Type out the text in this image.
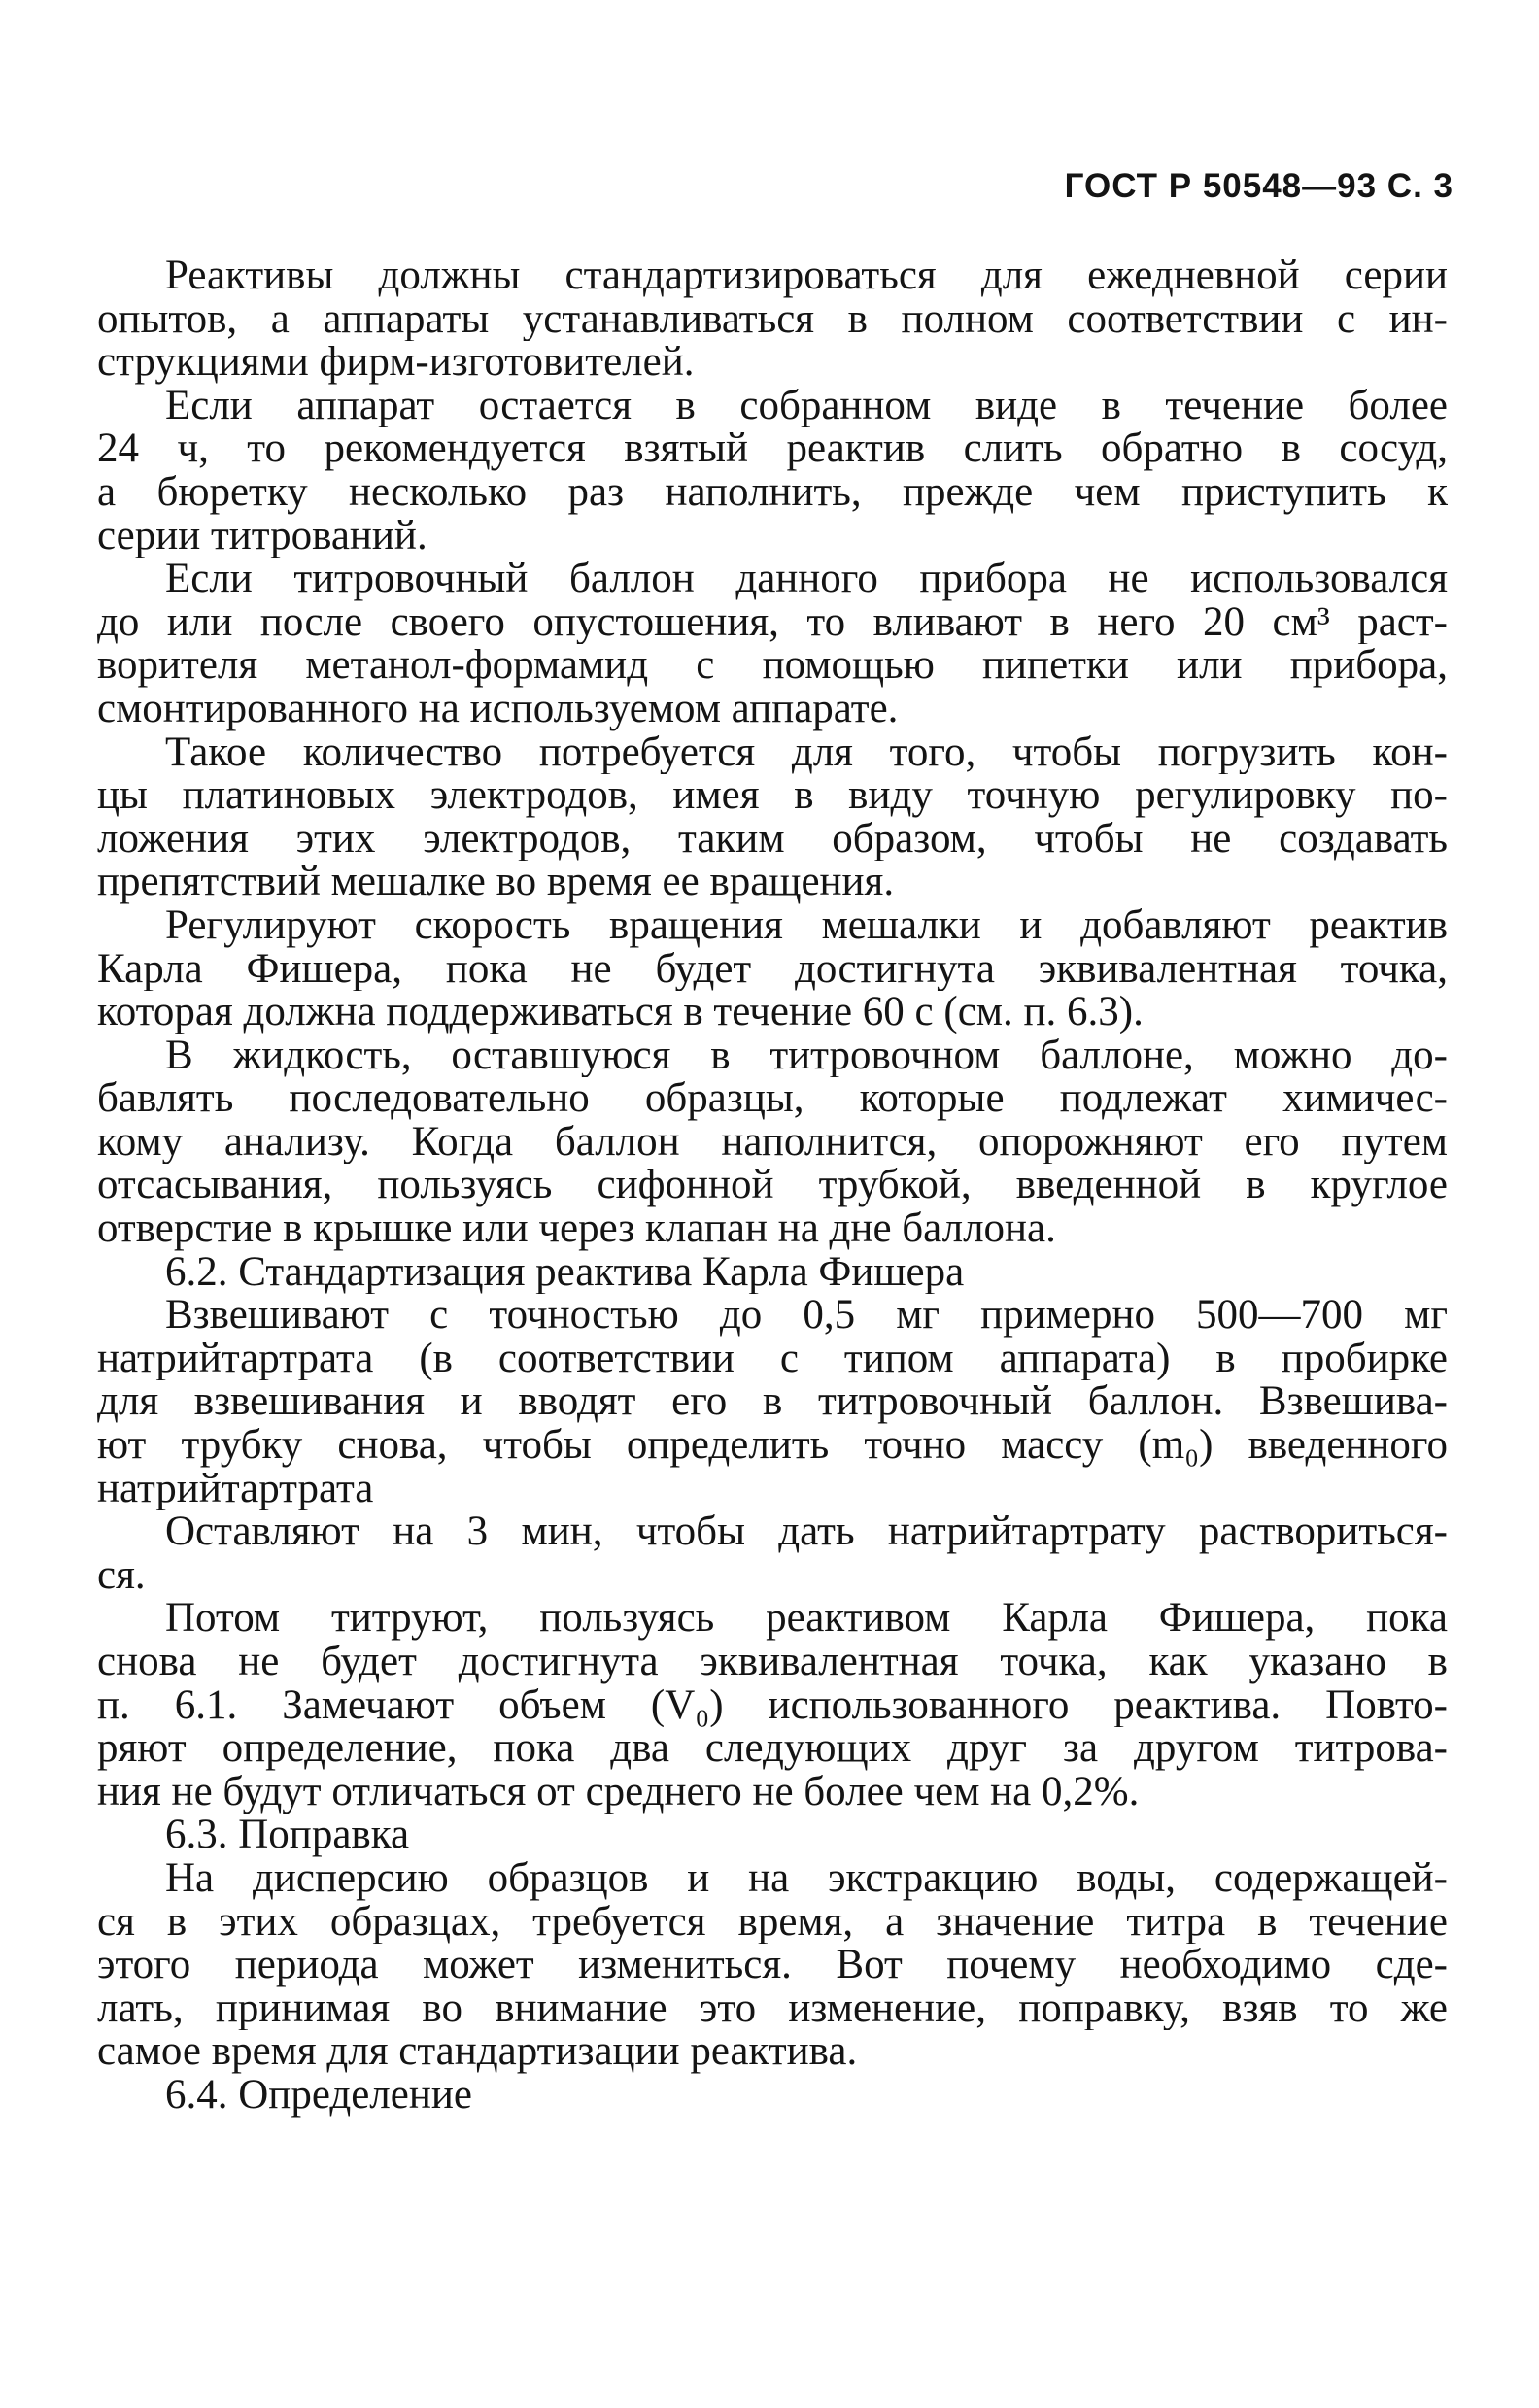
ГОСТ Р 50548—93 С. 3
Реактивы должны стандартизироваться для ежедневной серии
опытов, а аппараты устанавливаться в полном соответствии с ин-
струкциями фирм-изготовителей.
Если аппарат остается в собранном виде в течение более
24 ч, то рекомендуется взятый реактив слить обратно в сосуд,
а бюретку несколько раз наполнить, прежде чем приступить к
серии титрований.
Если титровочный баллон данного прибора не использовался
до или после своего опустошения, то вливают в него 20 см³ раст-
ворителя метанол-формамид с помощью пипетки или прибора,
смонтированного на используемом аппарате.
Такое количество потребуется для того, чтобы погрузить кон-
цы платиновых электродов, имея в виду точную регулировку по-
ложения этих электродов, таким образом, чтобы не создавать
препятствий мешалке во время ее вращения.
Регулируют скорость вращения мешалки и добавляют реактив
Карла Фишера, пока не будет достигнута эквивалентная точка,
которая должна поддерживаться в течение 60 с (см. п. 6.3).
В жидкость, оставшуюся в титровочном баллоне, можно до-
бавлять последовательно образцы, которые подлежат химичес-
кому анализу. Когда баллон наполнится, опорожняют его путем
отсасывания, пользуясь сифонной трубкой, введенной в круглое
отверстие в крышке или через клапан на дне баллона.
6.2. Стандартизация реактива Карла Фишера
Взвешивают с точностью до 0,5 мг примерно 500—700 мг
натрийтартрата (в соответствии с типом аппарата) в пробирке
для взвешивания и вводят его в титровочный баллон. Взвешива-
ют трубку снова, чтобы определить точно массу (m₀) введенного
натрийтартрата
Оставляют на 3 мин, чтобы дать натрийтартрату раствориться-
ся.
Потом титруют, пользуясь реактивом Карла Фишера, пока
снова не будет достигнута эквивалентная точка, как указано в
п. 6.1. Замечают объем (V₀) использованного реактива. Повто-
ряют определение, пока два следующих друг за другом титрова-
ния не будут отличаться от среднего не более чем на 0,2%.
6.3. Поправка
На дисперсию образцов и на экстракцию воды, содержащей-
ся в этих образцах, требуется время, а значение титра в течение
этого периода может измениться. Вот почему необходимо сде-
лать, принимая во внимание это изменение, поправку, взяв то же
самое время для стандартизации реактива.
6.4. Определение
